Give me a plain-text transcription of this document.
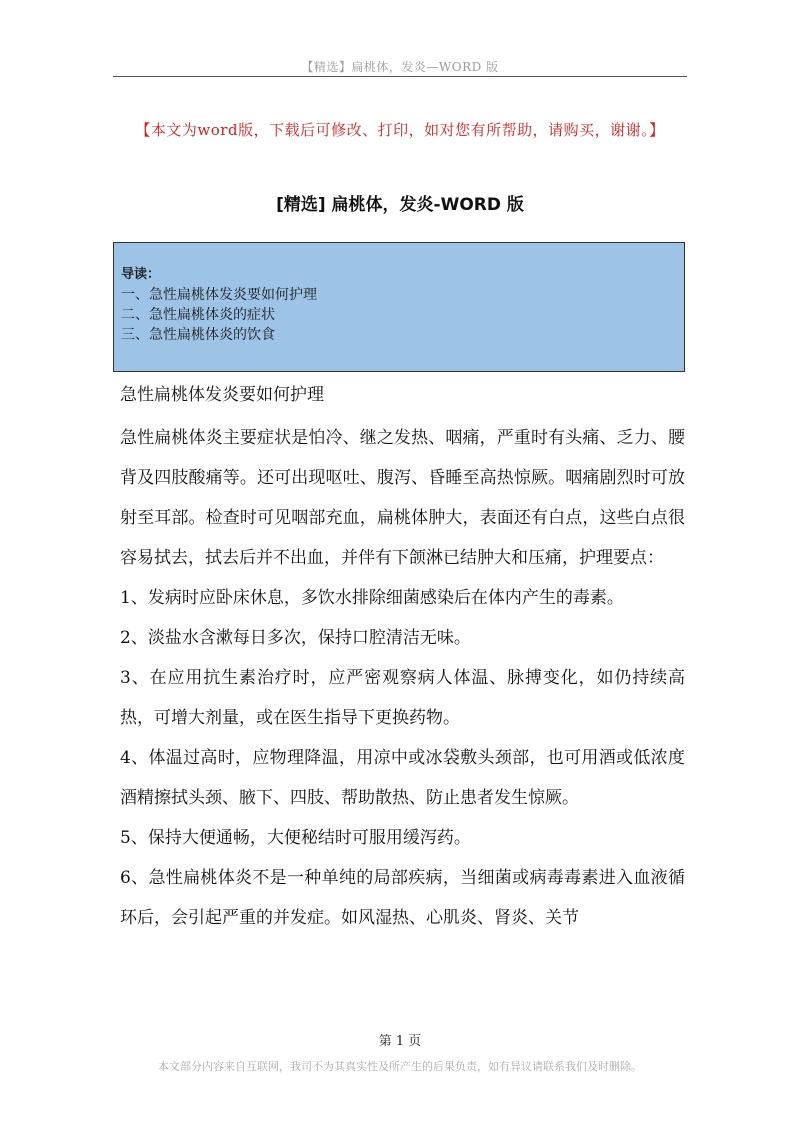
【精选】扁桃体，发炎—WORD 版
【本文为word版，下载后可修改、打印，如对您有所帮助，请购买，谢谢。】
[精选] 扁桃体，发炎-WORD 版
导读：
一、急性扁桃体发炎要如何护理
二、急性扁桃体炎的症状
三、急性扁桃体炎的饮食
急性扁桃体发炎要如何护理

急性扁桃体炎主要症状是怕冷、继之发热、咽痛，严重时有头痛、乏力、腰背及四肢酸痛等。还可出现呕吐、腹泻、昏睡至高热惊厥。咽痛剧烈时可放射至耳部。检查时可见咽部充血，扁桃体肿大，表面还有白点，这些白点很容易拭去，拭去后并不出血，并伴有下颌淋已结肿大和压痛，护理要点：

1、发病时应卧床休息，多饮水排除细菌感染后在体内产生的毒素。

2、淡盐水含漱每日多次，保持口腔清洁无味。

3、在应用抗生素治疗时，应严密观察病人体温、脉搏变化，如仍持续高热，可增大剂量，或在医生指导下更换药物。

4、体温过高时，应物理降温，用凉中或冰袋敷头颈部，也可用酒或低浓度酒精擦拭头颈、腋下、四肢、帮助散热、防止患者发生惊厥。

5、保持大便通畅，大便秘结时可服用缓泻药。

6、急性扁桃体炎不是一种单纯的局部疾病，当细菌或病毒毒素进入血液循环后，会引起严重的并发症。如风湿热、心肌炎、肾炎、关节

第 1 页
本文部分内容来自互联网，我司不为其真实性及所产生的后果负责，如有异议请联系我们及时删除。
